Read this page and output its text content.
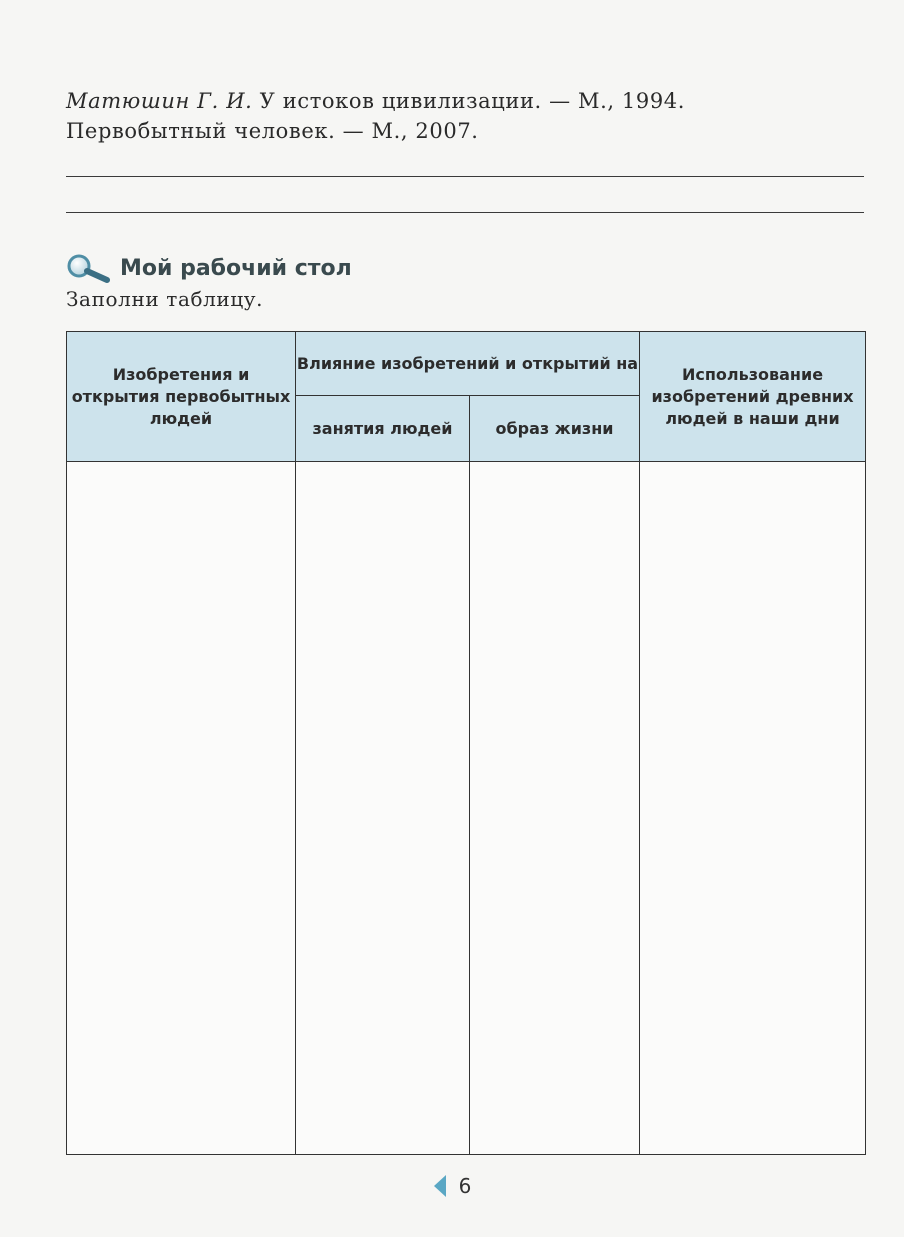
Матюшин Г. И. У истоков цивилизации. — М., 1994.
Первобытный человек. — М., 2007.
Мой рабочий стол
Заполни таблицу.
Изобретения и открытия первобытных людей	Влияние изобретений и открытий на		Использование изобретений древних людей в наши дни
	занятия людей	образ жизни	

6
